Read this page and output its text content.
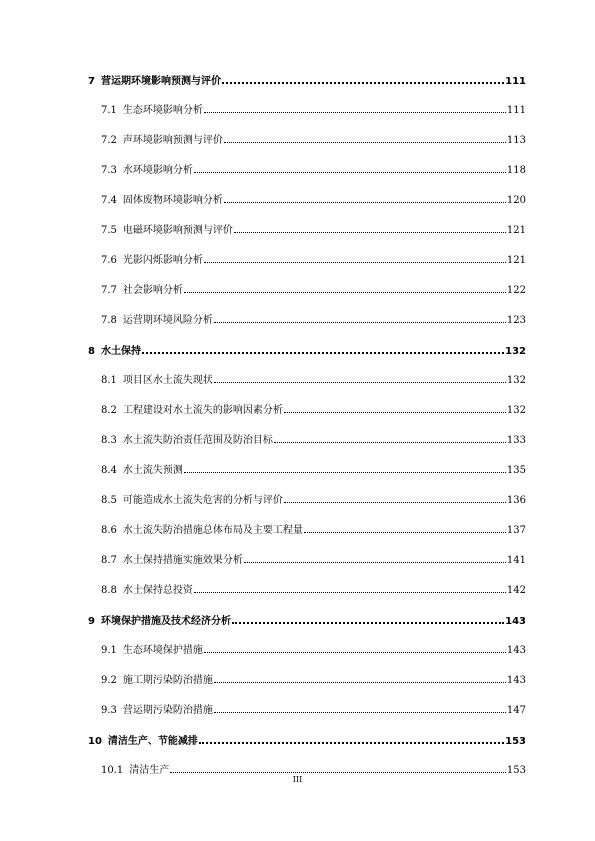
7 营运期环境影响预测与评价	111
7.1 生态环境影响分析	111
7.2 声环境影响预测与评价	113
7.3 水环境影响分析	118
7.4 固体废物环境影响分析	120
7.5 电磁环境影响预测与评价	121
7.6 光影闪烁影响分析	121
7.7 社会影响分析	122
7.8 运营期环境风险分析	123
8 水土保持	132
8.1 项目区水土流失现状	132
8.2 工程建设对水土流失的影响因素分析	132
8.3 水土流失防治责任范围及防治目标	133
8.4 水土流失预测	135
8.5 可能造成水土流失危害的分析与评价	136
8.6 水土流失防治措施总体布局及主要工程量	137
8.7 水土保持措施实施效果分析	141
8.8 水土保持总投资	142
9 环境保护措施及技术经济分析	143
9.1 生态环境保护措施	143
9.2 施工期污染防治措施	143
9.3 营运期污染防治措施	147
10 清洁生产、节能减排	153
10.1 清洁生产	153
III
